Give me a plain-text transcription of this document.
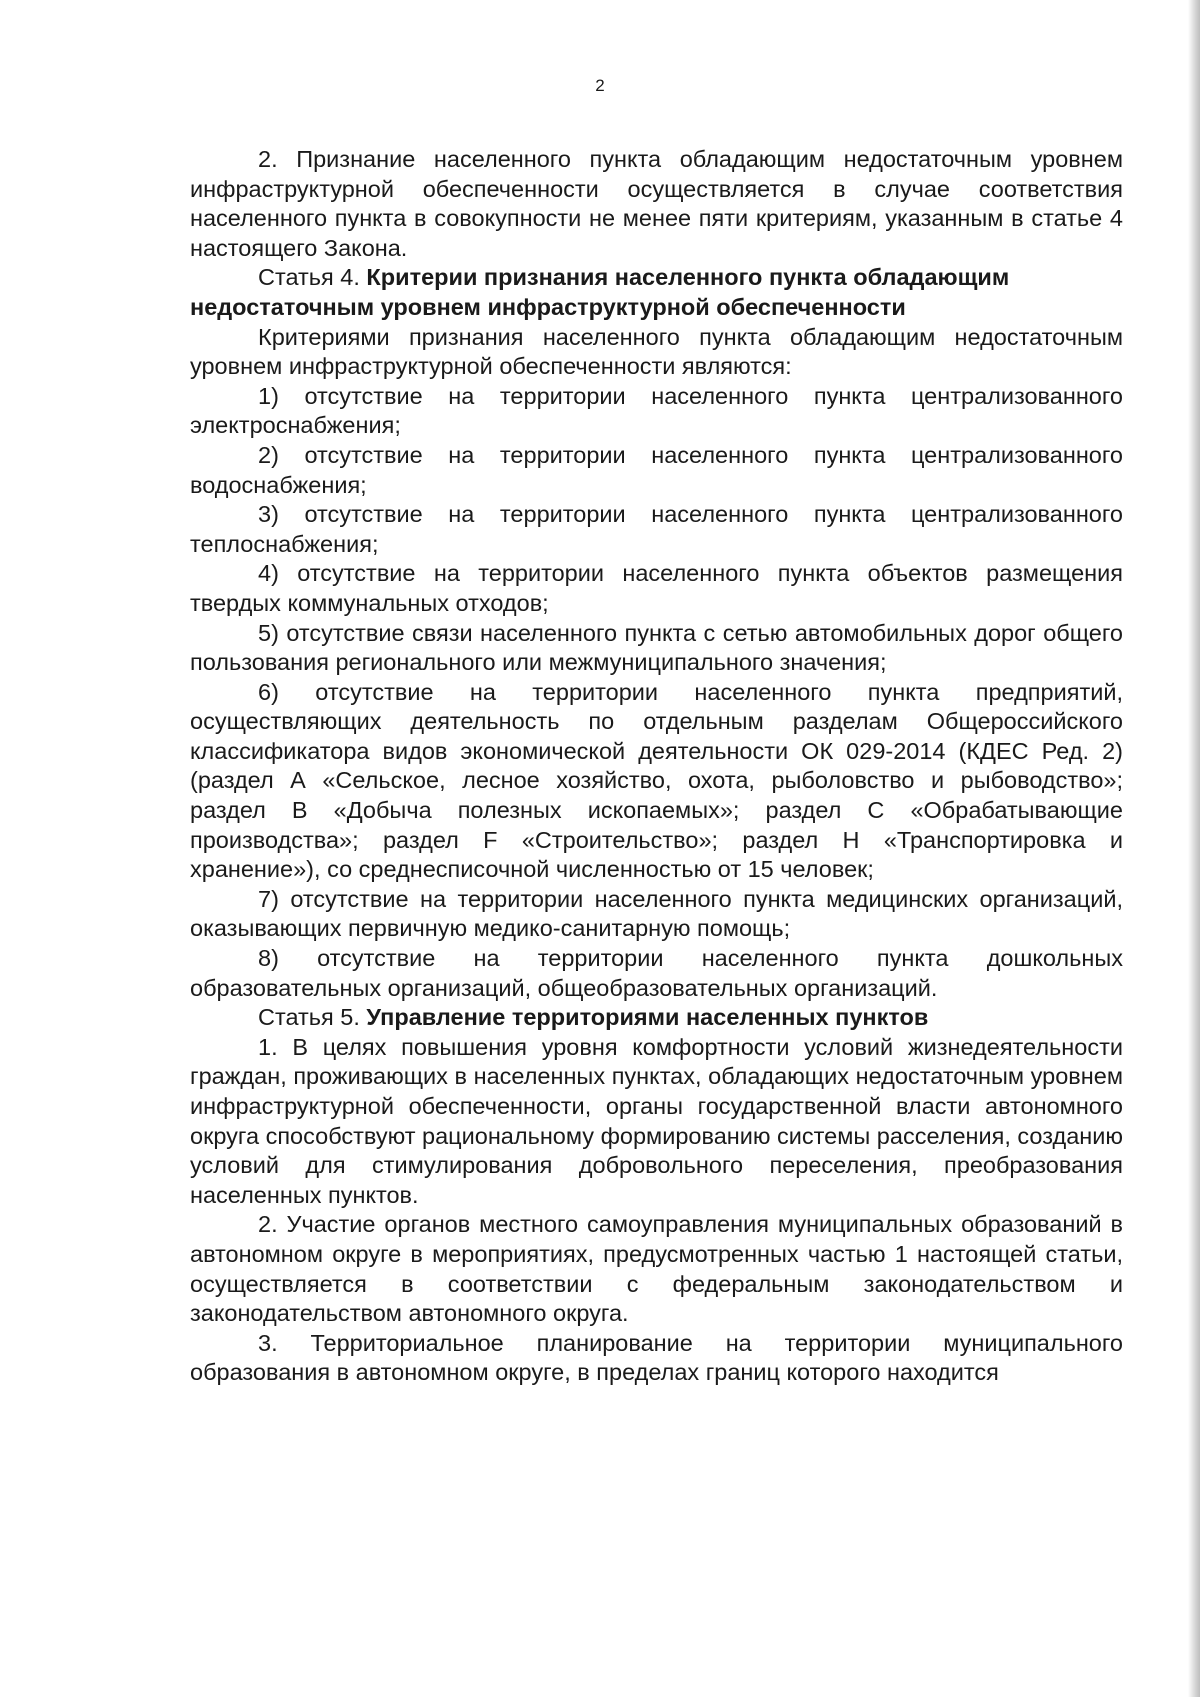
2

2. Признание населенного пункта обладающим недостаточным уровнем инфраструктурной обеспеченности осуществляется в случае соответствия населенного пункта в совокупности не менее пяти критериям, указанным в статье 4 настоящего Закона.

Статья 4. Критерии признания населенного пункта обладающим недостаточным уровнем инфраструктурной обеспеченности

Критериями признания населенного пункта обладающим недостаточным уровнем инфраструктурной обеспеченности являются:

1) отсутствие на территории населенного пункта централизованного электроснабжения;

2) отсутствие на территории населенного пункта централизованного водоснабжения;

3) отсутствие на территории населенного пункта централизованного теплоснабжения;

4) отсутствие на территории населенного пункта объектов размещения твердых коммунальных отходов;

5) отсутствие связи населенного пункта с сетью автомобильных дорог общего пользования регионального или межмуниципального значения;

6) отсутствие на территории населенного пункта предприятий, осуществляющих деятельность по отдельным разделам Общероссийского классификатора видов экономической деятельности ОК 029-2014 (КДЕС Ред. 2) (раздел А «Сельское, лесное хозяйство, охота, рыболовство и рыбоводство»; раздел В «Добыча полезных ископаемых»; раздел С «Обрабатывающие производства»; раздел F «Строительство»; раздел Н «Транспортировка и хранение»), со среднесписочной численностью от 15 человек;

7) отсутствие на территории населенного пункта медицинских организаций, оказывающих первичную медико-санитарную помощь;

8) отсутствие на территории населенного пункта дошкольных образовательных организаций, общеобразовательных организаций.

Статья 5. Управление территориями населенных пунктов

1. В целях повышения уровня комфортности условий жизнедеятельности граждан, проживающих в населенных пунктах, обладающих недостаточным уровнем инфраструктурной обеспеченности, органы государственной власти автономного округа способствуют рациональному формированию системы расселения, созданию условий для стимулирования добровольного переселения, преобразования населенных пунктов.

2. Участие органов местного самоуправления муниципальных образований в автономном округе в мероприятиях, предусмотренных частью 1 настоящей статьи, осуществляется в соответствии с федеральным законодательством и законодательством автономного округа.

3. Территориальное планирование на территории муниципального образования в автономном округе, в пределах границ которого находится
